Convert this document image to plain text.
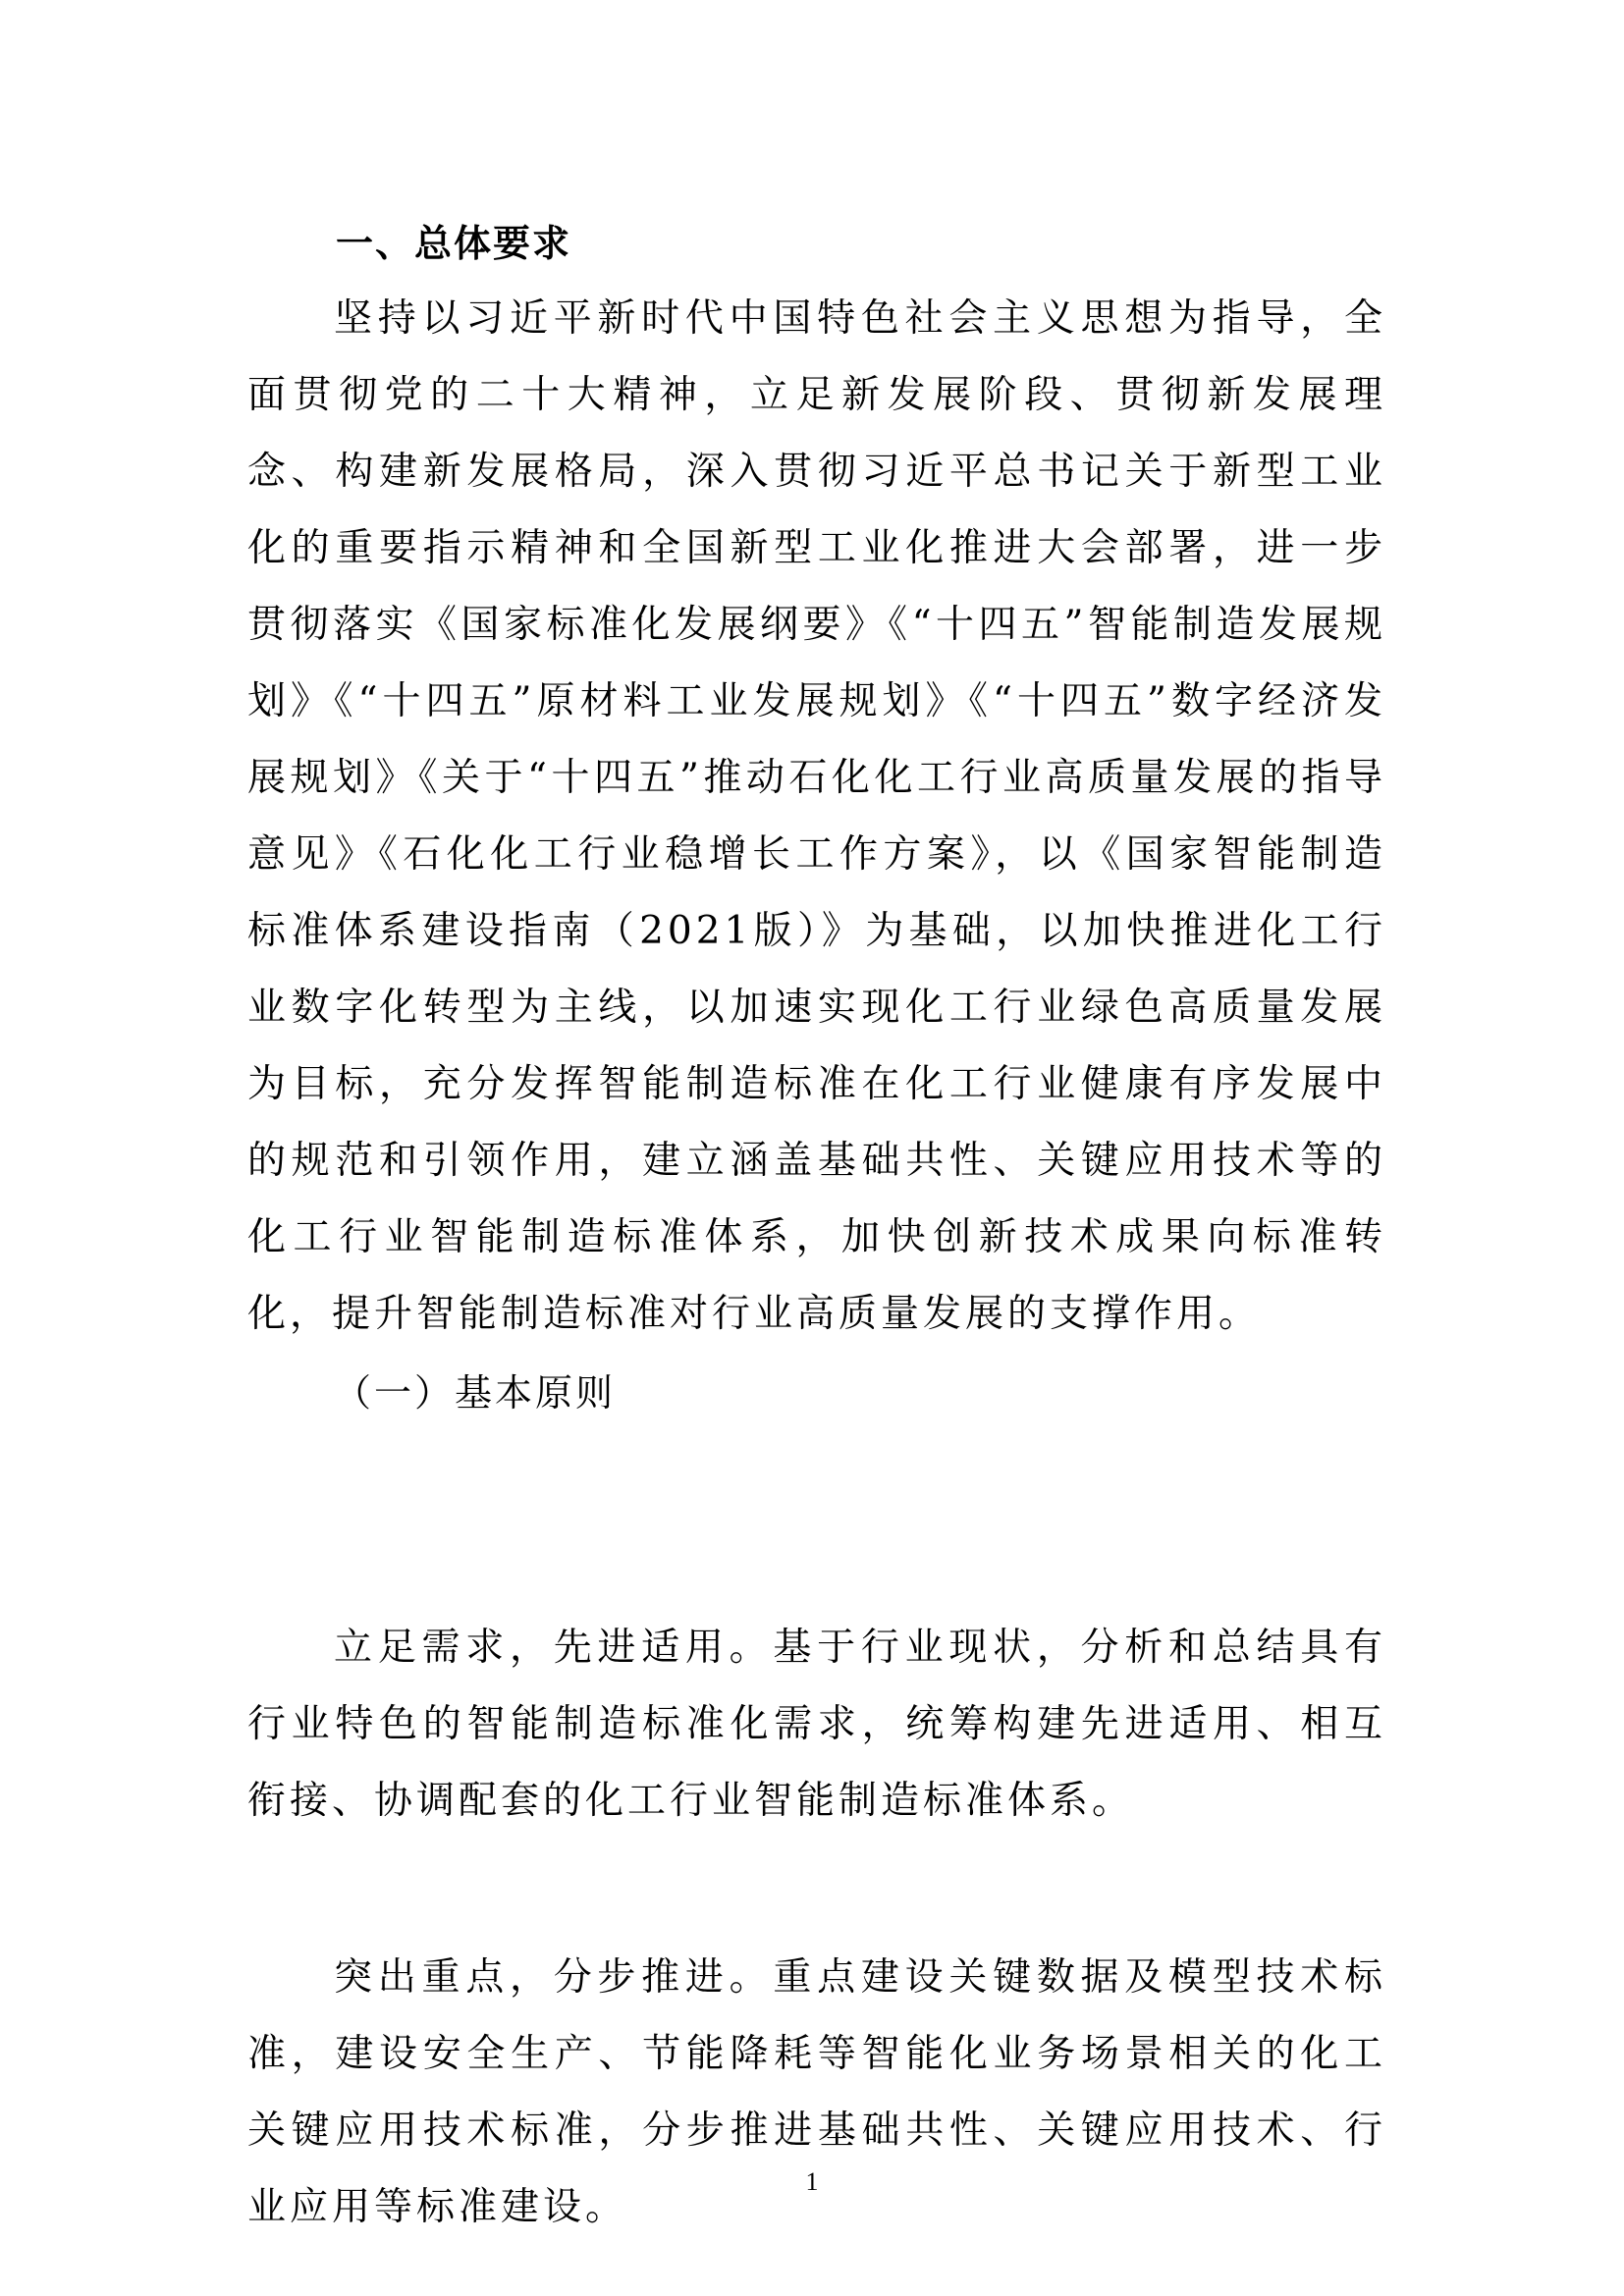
一、总体要求

坚持以习近平新时代中国特色社会主义思想为指导，全面贯彻党的二十大精神，立足新发展阶段、贯彻新发展理念、构建新发展格局，深入贯彻习近平总书记关于新型工业化的重要指示精神和全国新型工业化推进大会部署，进一步贯彻落实《国家标准化发展纲要》《“十四五”智能制造发展规划》《“十四五”原材料工业发展规划》《“十四五”数字经济发展规划》《关于“十四五”推动石化化工行业高质量发展的指导意见》《石化化工行业稳增长工作方案》，以《国家智能制造标准体系建设指南（2021版）》为基础，以加快推进化工行业数字化转型为主线，以加速实现化工行业绿色高质量发展为目标，充分发挥智能制造标准在化工行业健康有序发展中的规范和引领作用，建立涵盖基础共性、关键应用技术等的化工行业智能制造标准体系，加快创新技术成果向标准转化，提升智能制造标准对行业高质量发展的支撑作用。

（一）基本原则

立足需求，先进适用。基于行业现状，分析和总结具有行业特色的智能制造标准化需求，统筹构建先进适用、相互衔接、协调配套的化工行业智能制造标准体系。

突出重点，分步推进。重点建设关键数据及模型技术标准，建设安全生产、节能降耗等智能化业务场景相关的化工关键应用技术标准，分步推进基础共性、关键应用技术、行业应用等标准建设。

1
